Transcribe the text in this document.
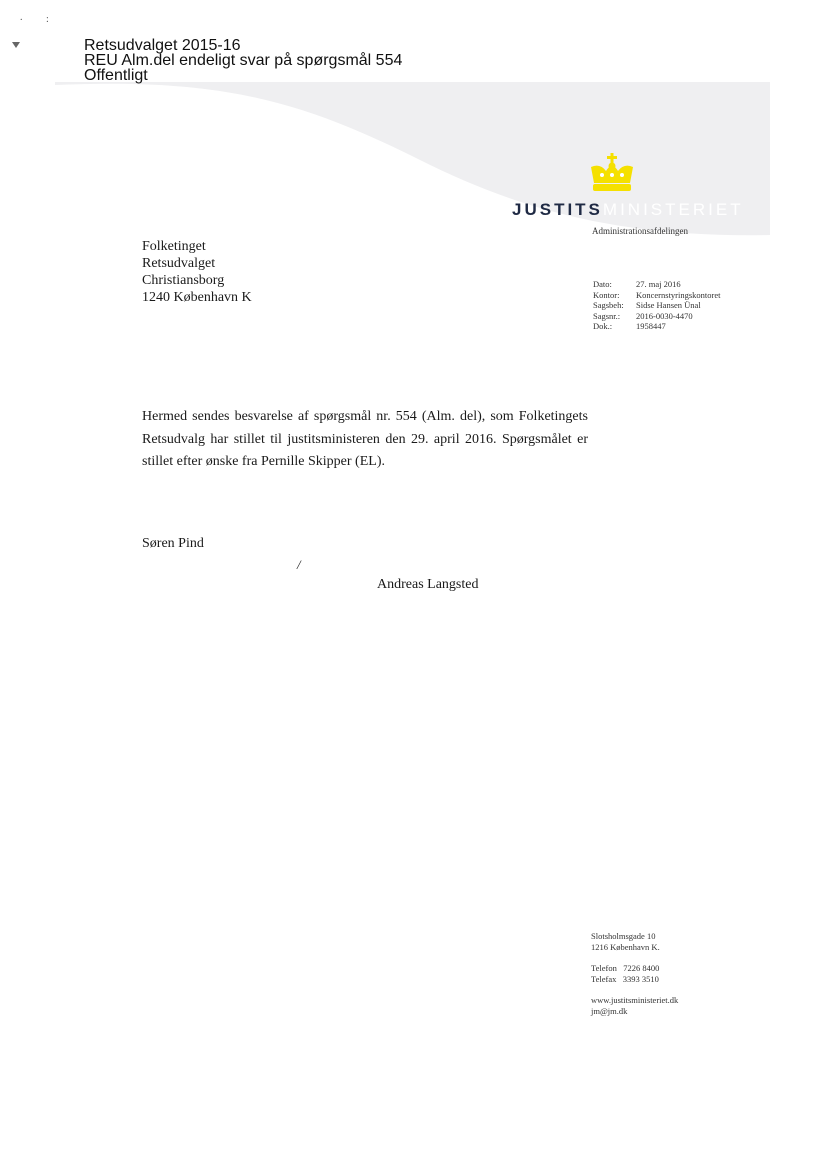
. :
Retsudvalget 2015-16
REU Alm.del endeligt svar på spørgsmål 554
Offentligt
JUSTITSMINISTERIET
Administrationsafdelingen
Folketinget
Retsudvalget
Christiansborg
1240 København K
Dato:	27. maj 2016
Kontor:	Koncernstyringskontoret
Sagsbeh:	Sidse Hansen Ünal
Sagsnr.:	2016-0030-4470
Dok.:	1958447
Hermed sendes besvarelse af spørgsmål nr. 554 (Alm. del), som Folketingets Retsudvalg har stillet til justitsministeren den 29. april 2016. Spørgsmålet er stillet efter ønske fra Pernille Skipper (EL).
Søren Pind
/
Andreas Langsted
Slotsholmsgade 10
1216 København K.
Telefon   7226 8400
Telefax   3393 3510
www.justitsministeriet.dk
jm@jm.dk
